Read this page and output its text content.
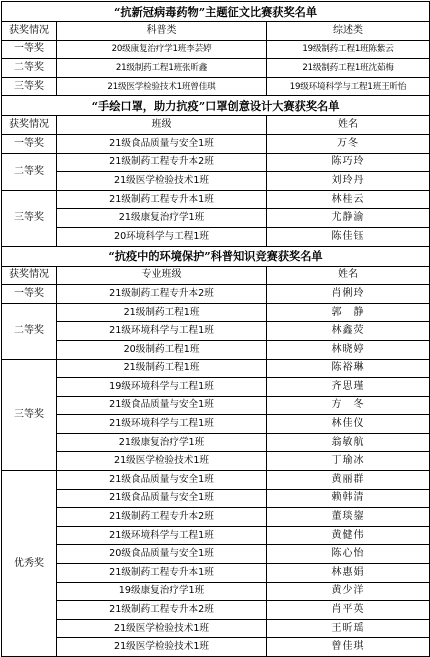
“抗新冠病毒药物”主题征文比赛获奖名单		
获奖情况	科普类	综述类
一等奖	20级康复治疗学1班李芸婷	19级制药工程1班陈紫云
二等奖	21级制药工程1班张昕鑫	21级制药工程1班沈茹梅
三等奖	21级医学检验技术1班曾佳琪	19级环境科学与工程1班王昕怡
“手绘口罩，助力抗疫”口罩创意设计大赛获奖名单		
获奖情况	班级	姓名
一等奖	21级食品质量与安全1班	万冬
二等奖	21级制药工程专升本2班	陈巧玲
	21级医学检验技术1班	刘玲丹
三等奖	21级制药工程专升本1班	林桂云
	21级康复治疗学1班	尤静渝
	20环境科学与工程1班	陈佳钰
“抗疫中的环境保护”科普知识竞赛获奖名单		
获奖情况	专业班级	姓名
一等奖	21级制药工程专升本2班	肖俐玲
二等奖	21级制药工程1班	郭　静
	21级环境科学与工程1班	林鑫荧
	20级制药工程1班	林晓婷
三等奖	21级制药工程1班	陈裕琳
	19级环境科学与工程1班	齐思瑾
	21级食品质量与安全1班	方　冬
	21级环境科学与工程1班	林佳仪
	21级康复治疗学1班	翁敏航
	21级医学检验技术1班	丁瑜冰
优秀奖	21级食品质量与安全1班	黄丽群
	21级食品质量与安全1班	赖韩清
	21级制药工程专升本2班	董琰鋆
	21级环境科学与工程1班	黄健伟
	20级食品质量与安全1班	陈心怡
	21级制药工程专升本1班	林惠娟
	19级康复治疗学1班	黄少洋
	21级制药工程专升本2班	肖平英
	21级医学检验技术1班	王昕瑶
	21级医学检验技术1班	曾佳琪
